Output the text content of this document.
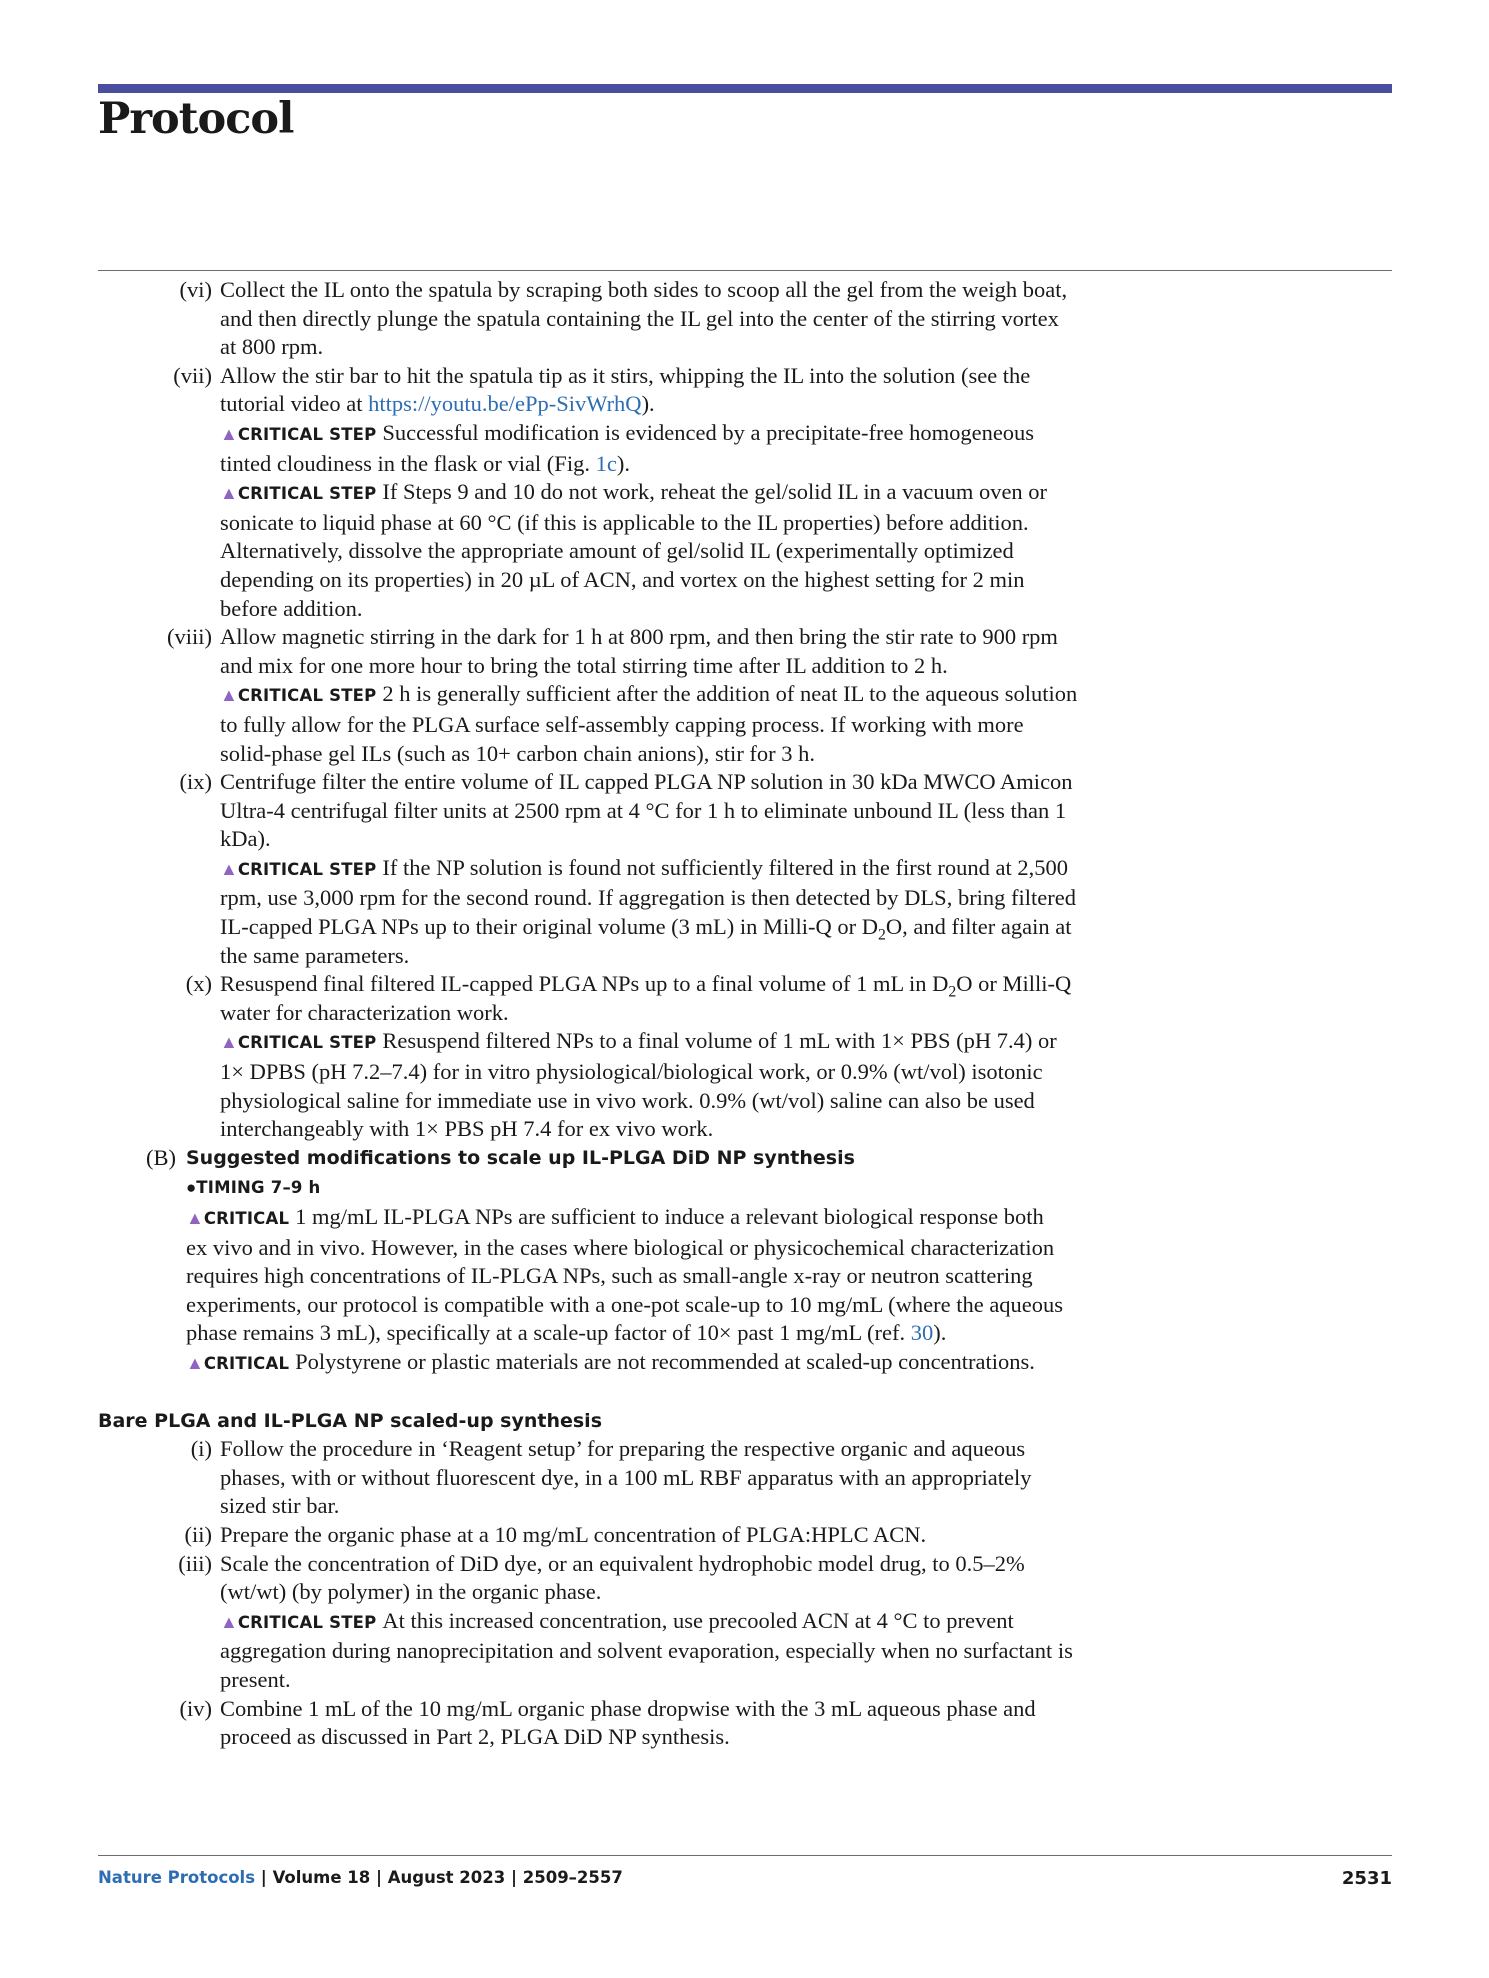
Protocol
(vi) Collect the IL onto the spatula by scraping both sides to scoop all the gel from the weigh boat, and then directly plunge the spatula containing the IL gel into the center of the stirring vortex at 800 rpm.
(vii) Allow the stir bar to hit the spatula tip as it stirs, whipping the IL into the solution (see the tutorial video at https://youtu.be/ePp-SivWrhQ).
▲CRITICAL STEP Successful modification is evidenced by a precipitate-free homogeneous tinted cloudiness in the flask or vial (Fig. 1c).
▲CRITICAL STEP If Steps 9 and 10 do not work, reheat the gel/solid IL in a vacuum oven or sonicate to liquid phase at 60 °C (if this is applicable to the IL properties) before addition. Alternatively, dissolve the appropriate amount of gel/solid IL (experimentally optimized depending on its properties) in 20 µL of ACN, and vortex on the highest setting for 2 min before addition.
(viii) Allow magnetic stirring in the dark for 1 h at 800 rpm, and then bring the stir rate to 900 rpm and mix for one more hour to bring the total stirring time after IL addition to 2 h.
▲CRITICAL STEP 2 h is generally sufficient after the addition of neat IL to the aqueous solution to fully allow for the PLGA surface self-assembly capping process. If working with more solid-phase gel ILs (such as 10+ carbon chain anions), stir for 3 h.
(ix) Centrifuge filter the entire volume of IL capped PLGA NP solution in 30 kDa MWCO Amicon Ultra-4 centrifugal filter units at 2500 rpm at 4 °C for 1 h to eliminate unbound IL (less than 1 kDa).
▲CRITICAL STEP If the NP solution is found not sufficiently filtered in the first round at 2,500 rpm, use 3,000 rpm for the second round. If aggregation is then detected by DLS, bring filtered IL-capped PLGA NPs up to their original volume (3 mL) in Milli-Q or $D_2O$, and filter again at the same parameters.
(x) Resuspend final filtered IL-capped PLGA NPs up to a final volume of 1 mL in $D_2O$ or Milli-Q water for characterization work.
▲CRITICAL STEP Resuspend filtered NPs to a final volume of 1 mL with 1× PBS (pH 7.4) or 1× DPBS (pH 7.2–7.4) for in vitro physiological/biological work, or 0.9% (wt/vol) isotonic physiological saline for immediate use in vivo work. 0.9% (wt/vol) saline can also be used interchangeably with 1× PBS pH 7.4 for ex vivo work.
(B) Suggested modifications to scale up IL-PLGA DiD NP synthesis
●TIMING 7–9 h
▲CRITICAL 1 mg/mL IL-PLGA NPs are sufficient to induce a relevant biological response both ex vivo and in vivo. However, in the cases where biological or physicochemical characterization requires high concentrations of IL-PLGA NPs, such as small-angle x-ray or neutron scattering experiments, our protocol is compatible with a one-pot scale-up to 10 mg/mL (where the aqueous phase remains 3 mL), specifically at a scale-up factor of 10× past 1 mg/mL (ref. 30).
▲CRITICAL Polystyrene or plastic materials are not recommended at scaled-up concentrations.
Bare PLGA and IL-PLGA NP scaled-up synthesis
(i) Follow the procedure in ‘Reagent setup’ for preparing the respective organic and aqueous phases, with or without fluorescent dye, in a 100 mL RBF apparatus with an appropriately sized stir bar.
(ii) Prepare the organic phase at a 10 mg/mL concentration of PLGA:HPLC ACN.
(iii) Scale the concentration of DiD dye, or an equivalent hydrophobic model drug, to 0.5–2% (wt/wt) (by polymer) in the organic phase.
▲CRITICAL STEP At this increased concentration, use precooled ACN at 4 °C to prevent aggregation during nanoprecipitation and solvent evaporation, especially when no surfactant is present.
(iv) Combine 1 mL of the 10 mg/mL organic phase dropwise with the 3 mL aqueous phase and proceed as discussed in Part 2, PLGA DiD NP synthesis.
Nature Protocols | Volume 18 | August 2023 | 2509–2557	2531
